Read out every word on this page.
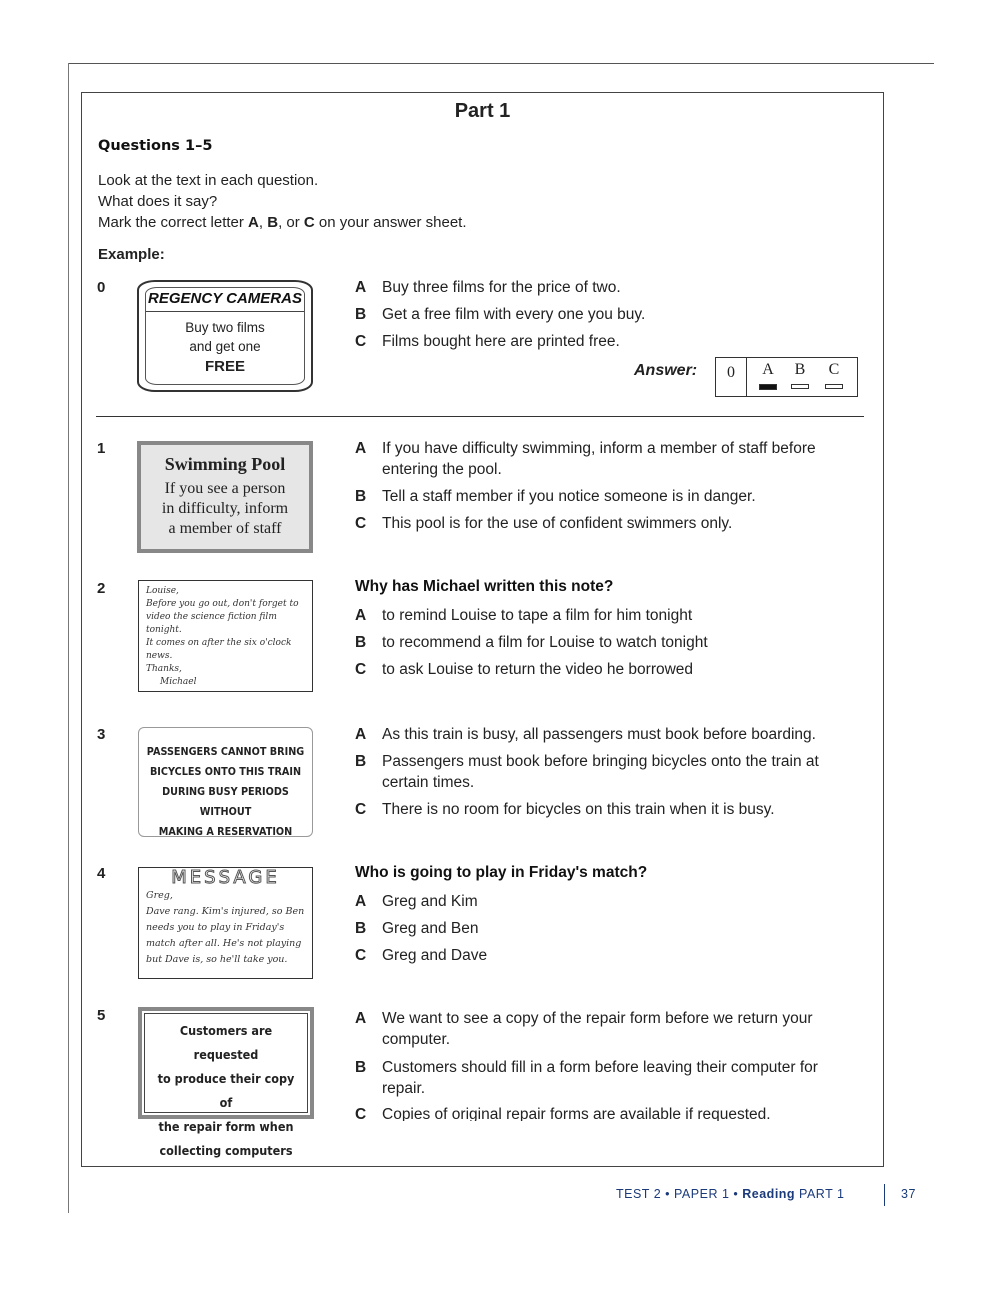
Part 1
Questions 1–5
Look at the text in each question.
What does it say?
Mark the correct letter A, B, or C on your answer sheet.
Example:
0
REGENCY CAMERAS
Buy two films
and get one
FREE
A	Buy three films for the price of two.
B	Get a free film with every one you buy.
C	Films bought here are printed free.
Answer:	0	A	B	C
1
Swimming Pool
If you see a person
in difficulty, inform
a member of staff
A	If you have difficulty swimming, inform a member of staff before entering the pool.
B	Tell a staff member if you notice someone is in danger.
C	This pool is for the use of confident swimmers only.
2	Louise,
Before you go out, don't forget to
video the science fiction film tonight.
It comes on after the six o'clock
news.
Thanks,
Michael
Why has Michael written this note?
A	to remind Louise to tape a film for him tonight
B	to recommend a film for Louise to watch tonight
C	to ask Louise to return the video he borrowed
3
PASSENGERS CANNOT BRING
BICYCLES ONTO THIS TRAIN
DURING BUSY PERIODS WITHOUT
MAKING A RESERVATION
A	As this train is busy, all passengers must book before boarding.
B	Passengers must book before bringing bicycles onto the train at certain times.
C	There is no room for bicycles on this train when it is busy.
4	MESSAGE
Greg,
Dave rang. Kim's injured, so Ben
needs you to play in Friday's
match after all. He's not playing
but Dave is, so he'll take you.
Who is going to play in Friday's match?
A	Greg and Kim
B	Greg and Ben
C	Greg and Dave
5
Customers are requested
to produce their copy of
the repair form when
collecting computers
A	We want to see a copy of the repair form before we return your computer.
B	Customers should fill in a form before leaving their computer for repair.
C	Copies of original repair forms are available if requested.
TEST 2 • PAPER 1 • Reading PART 1	37
